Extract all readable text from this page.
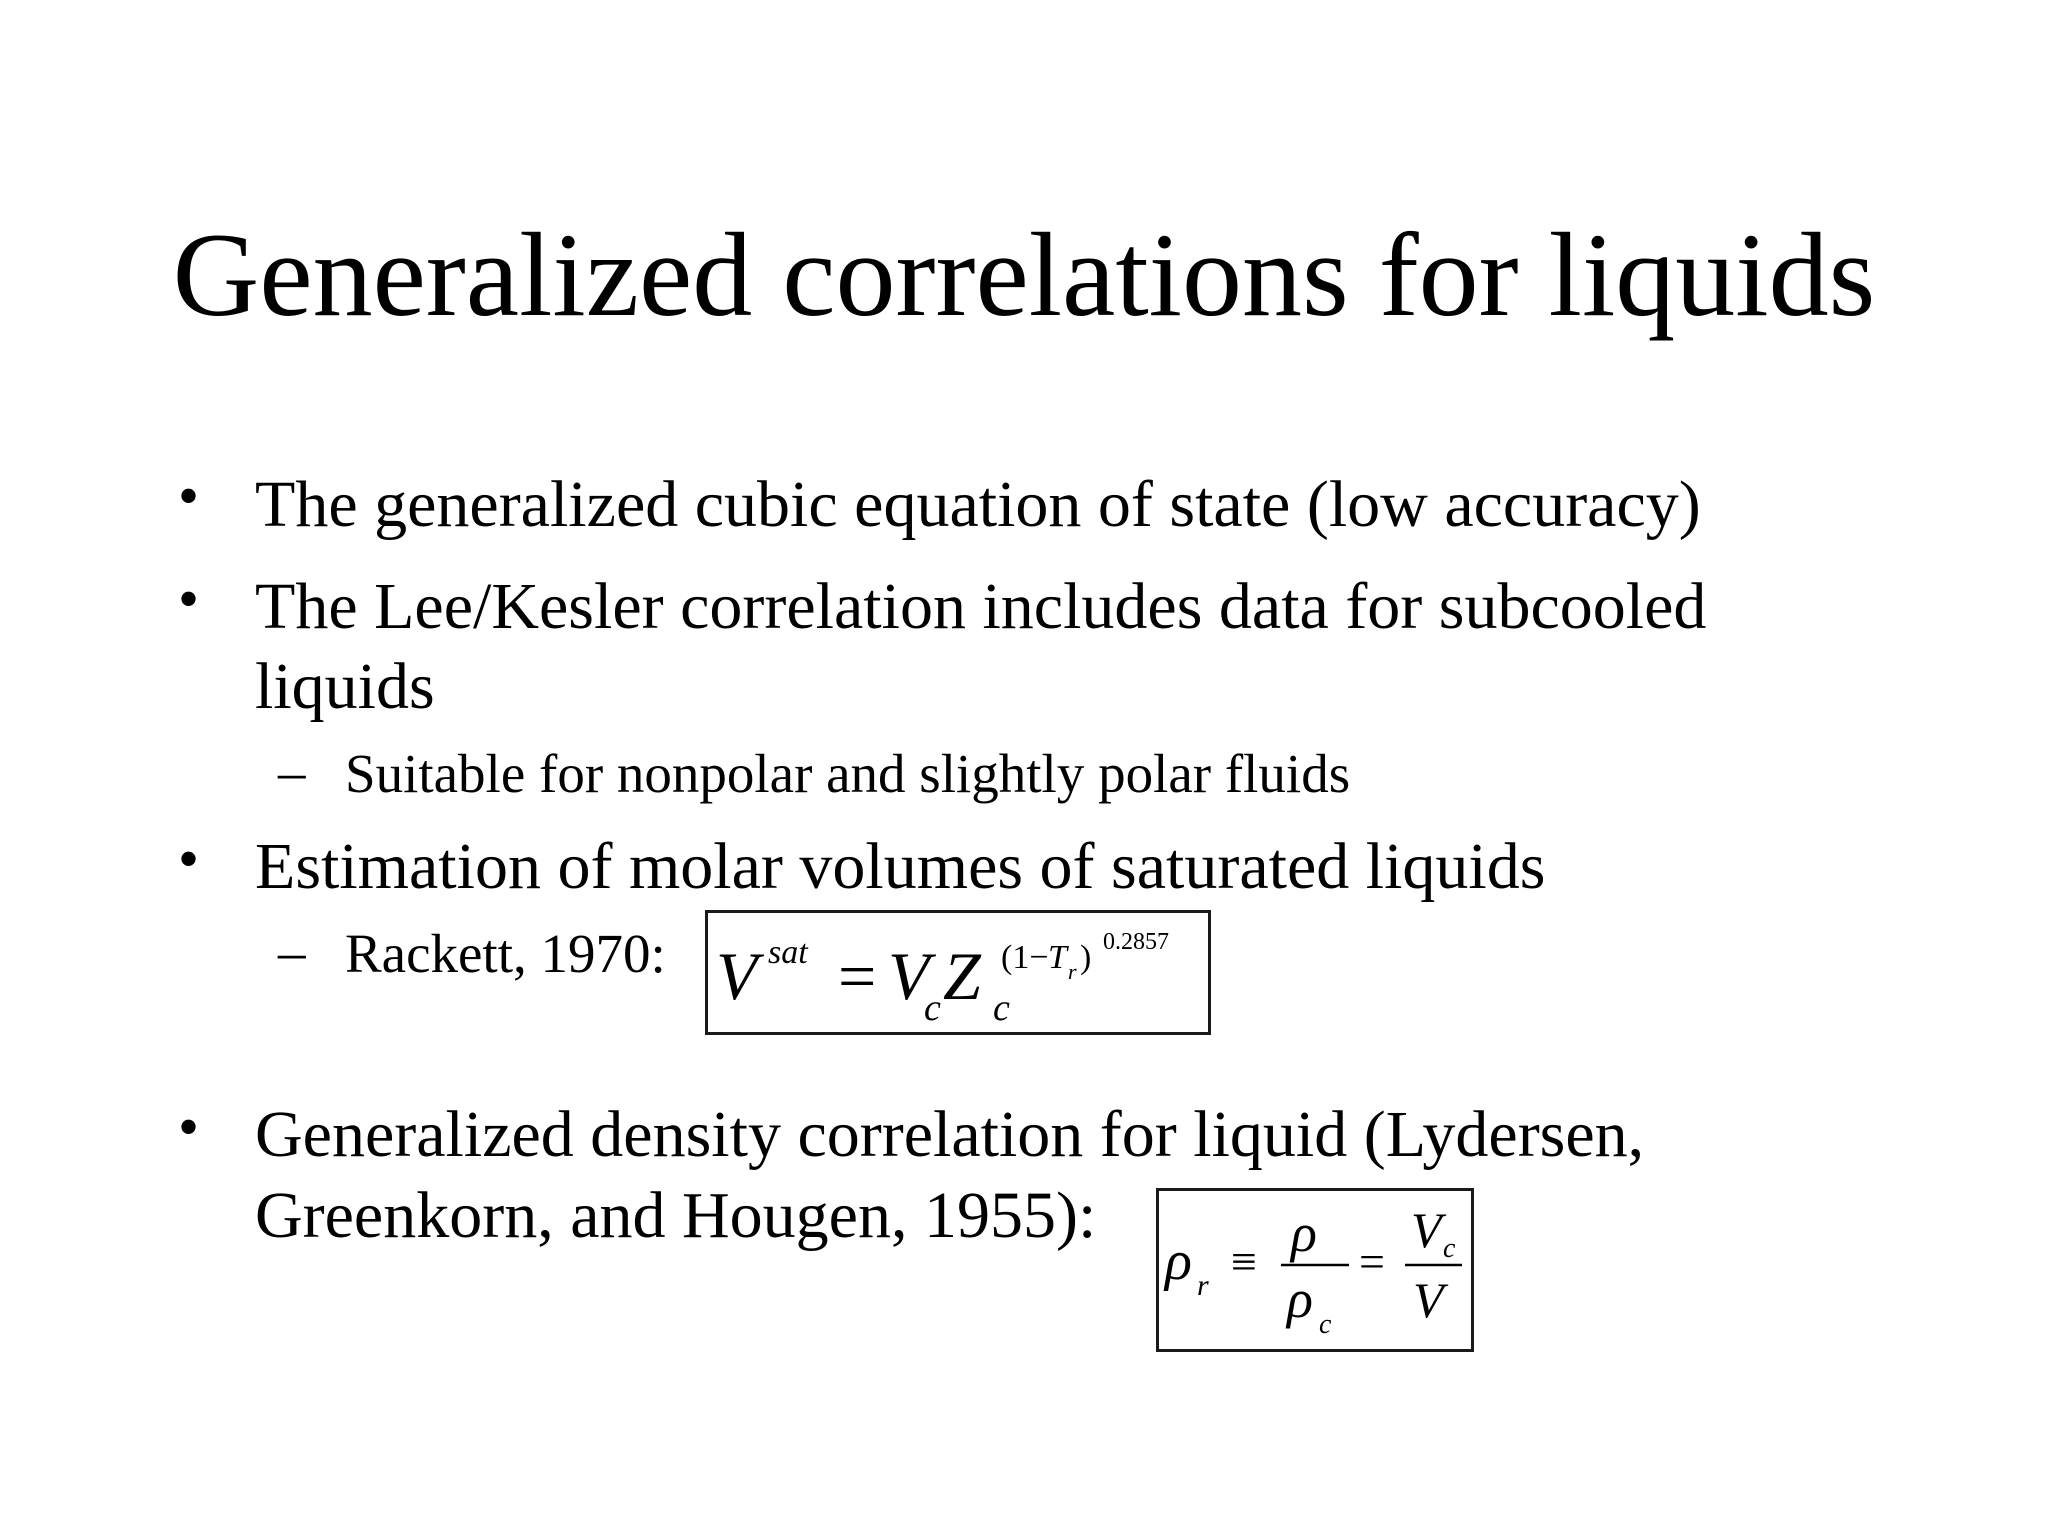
Generalized correlations for liquids
• The generalized cubic equation of state (low accuracy)
• The Lee/Kesler correlation includes data for subcooled
liquids
– Suitable for nonpolar and slightly polar fluids
• Estimation of molar volumes of saturated liquids
– Rackett, 1970: V sat = V
c Z c
(1− T r ) 0.2857
• Generalized density correlation for liquid (Lydersen,
Greenkorn, and Hougen, 1955):
ρ r ≡ ρ
ρ c
=
V c
V
